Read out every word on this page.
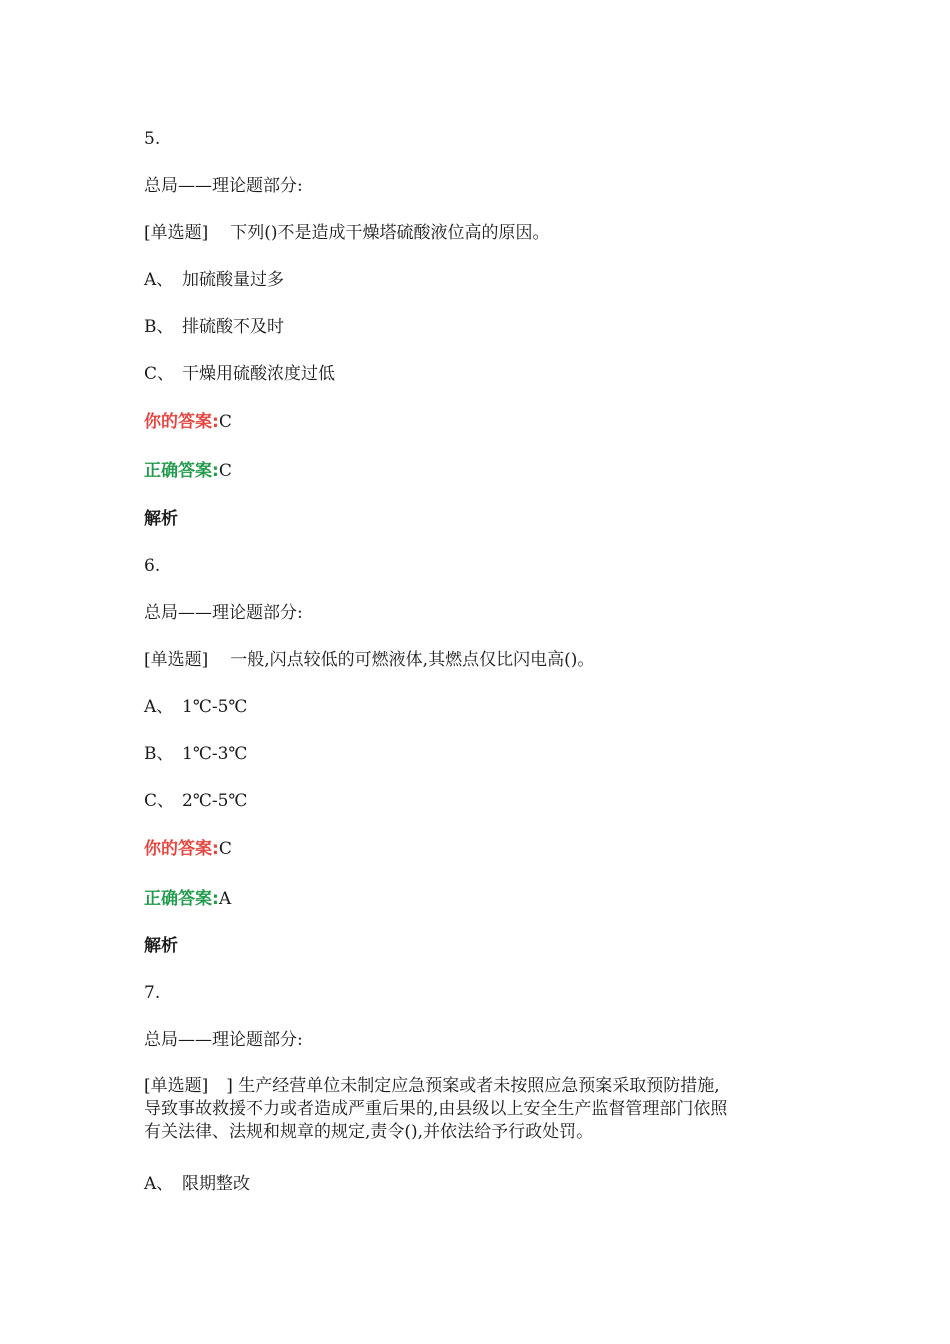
5.
总局——理论题部分:
[单选题] 下列()不是造成干燥塔硫酸液位高的原因。
A、 加硫酸量过多
B、 排硫酸不及时
C、 干燥用硫酸浓度过低
你的答案:C
正确答案:C
解析
6.
总局——理论题部分:
[单选题] 一般,闪点较低的可燃液体,其燃点仅比闪电高()。
A、 1℃-5℃
B、 1℃-3℃
C、 2℃-5℃
你的答案:C
正确答案:A
解析
7.
总局——理论题部分:
[单选题] ] 生产经营单位未制定应急预案或者未按照应急预案采取预防措施,
导致事故救援不力或者造成严重后果的,由县级以上安全生产监督管理部门依照
有关法律、法规和规章的规定,责令(),并依法给予行政处罚。
A、 限期整改
